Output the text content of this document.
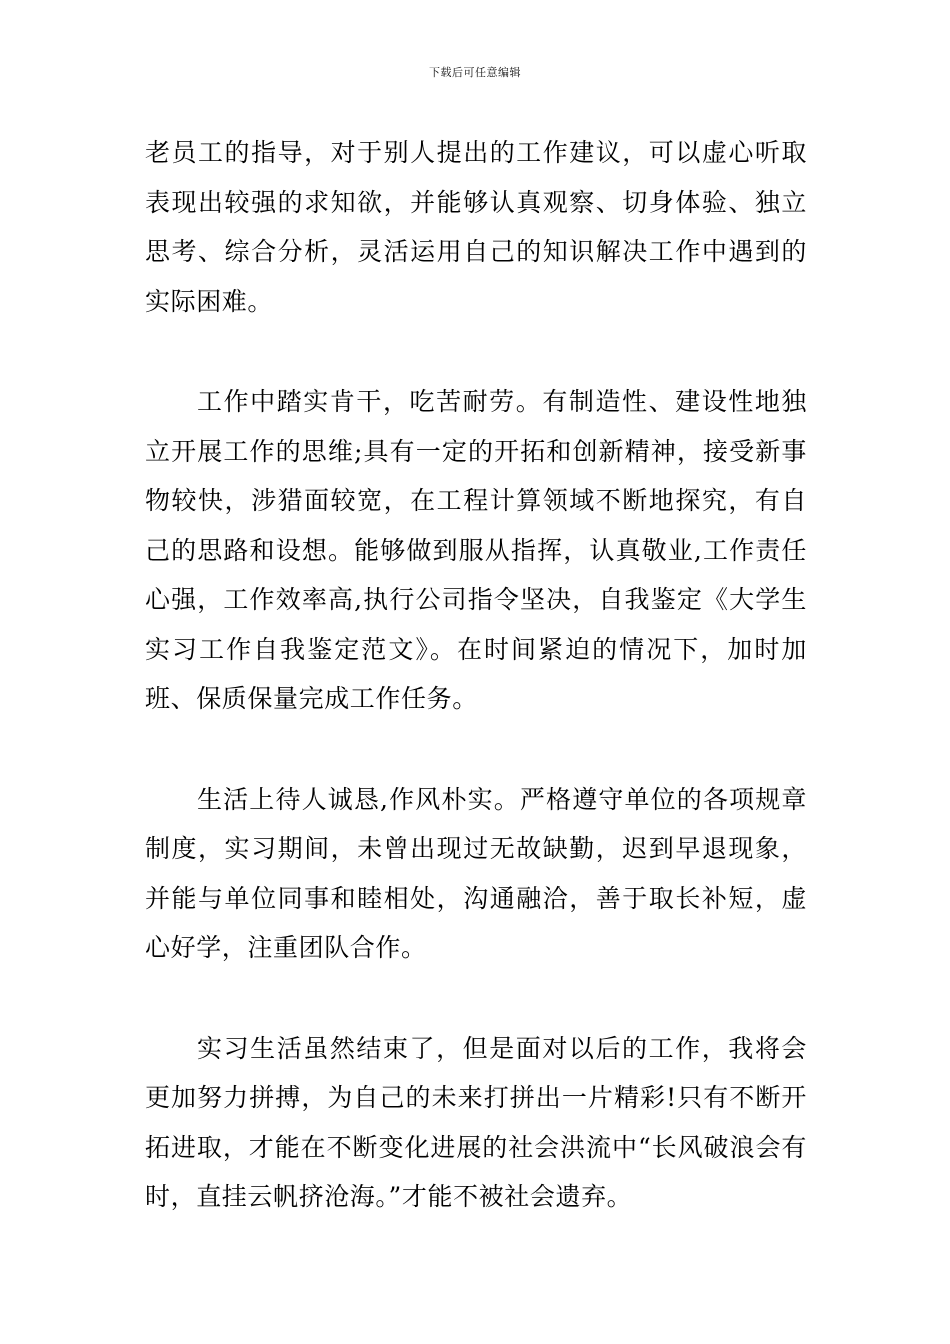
下载后可任意编辑

老员工的指导，对于别人提出的工作建议，可以虚心听取表现出较强的求知欲，并能够认真观察、切身体验、独立思考、综合分析，灵活运用自己的知识解决工作中遇到的实际困难。

工作中踏实肯干，吃苦耐劳。有制造性、建设性地独立开展工作的思维;具有一定的开拓和创新精神，接受新事物较快，涉猎面较宽，在工程计算领域不断地探究，有自己的思路和设想。能够做到服从指挥，认真敬业,工作责任心强，工作效率高,执行公司指令坚决，自我鉴定《大学生实习工作自我鉴定范文》。在时间紧迫的情况下，加时加班、保质保量完成工作任务。

生活上待人诚恳,作风朴实。严格遵守单位的各项规章制度，实习期间，未曾出现过无故缺勤，迟到早退现象，并能与单位同事和睦相处，沟通融洽，善于取长补短，虚心好学，注重团队合作。

实习生活虽然结束了，但是面对以后的工作，我将会更加努力拼搏，为自己的未来打拼出一片精彩!只有不断开拓进取，才能在不断变化进展的社会洪流中“长风破浪会有时，直挂云帆挤沧海。”才能不被社会遗弃。
